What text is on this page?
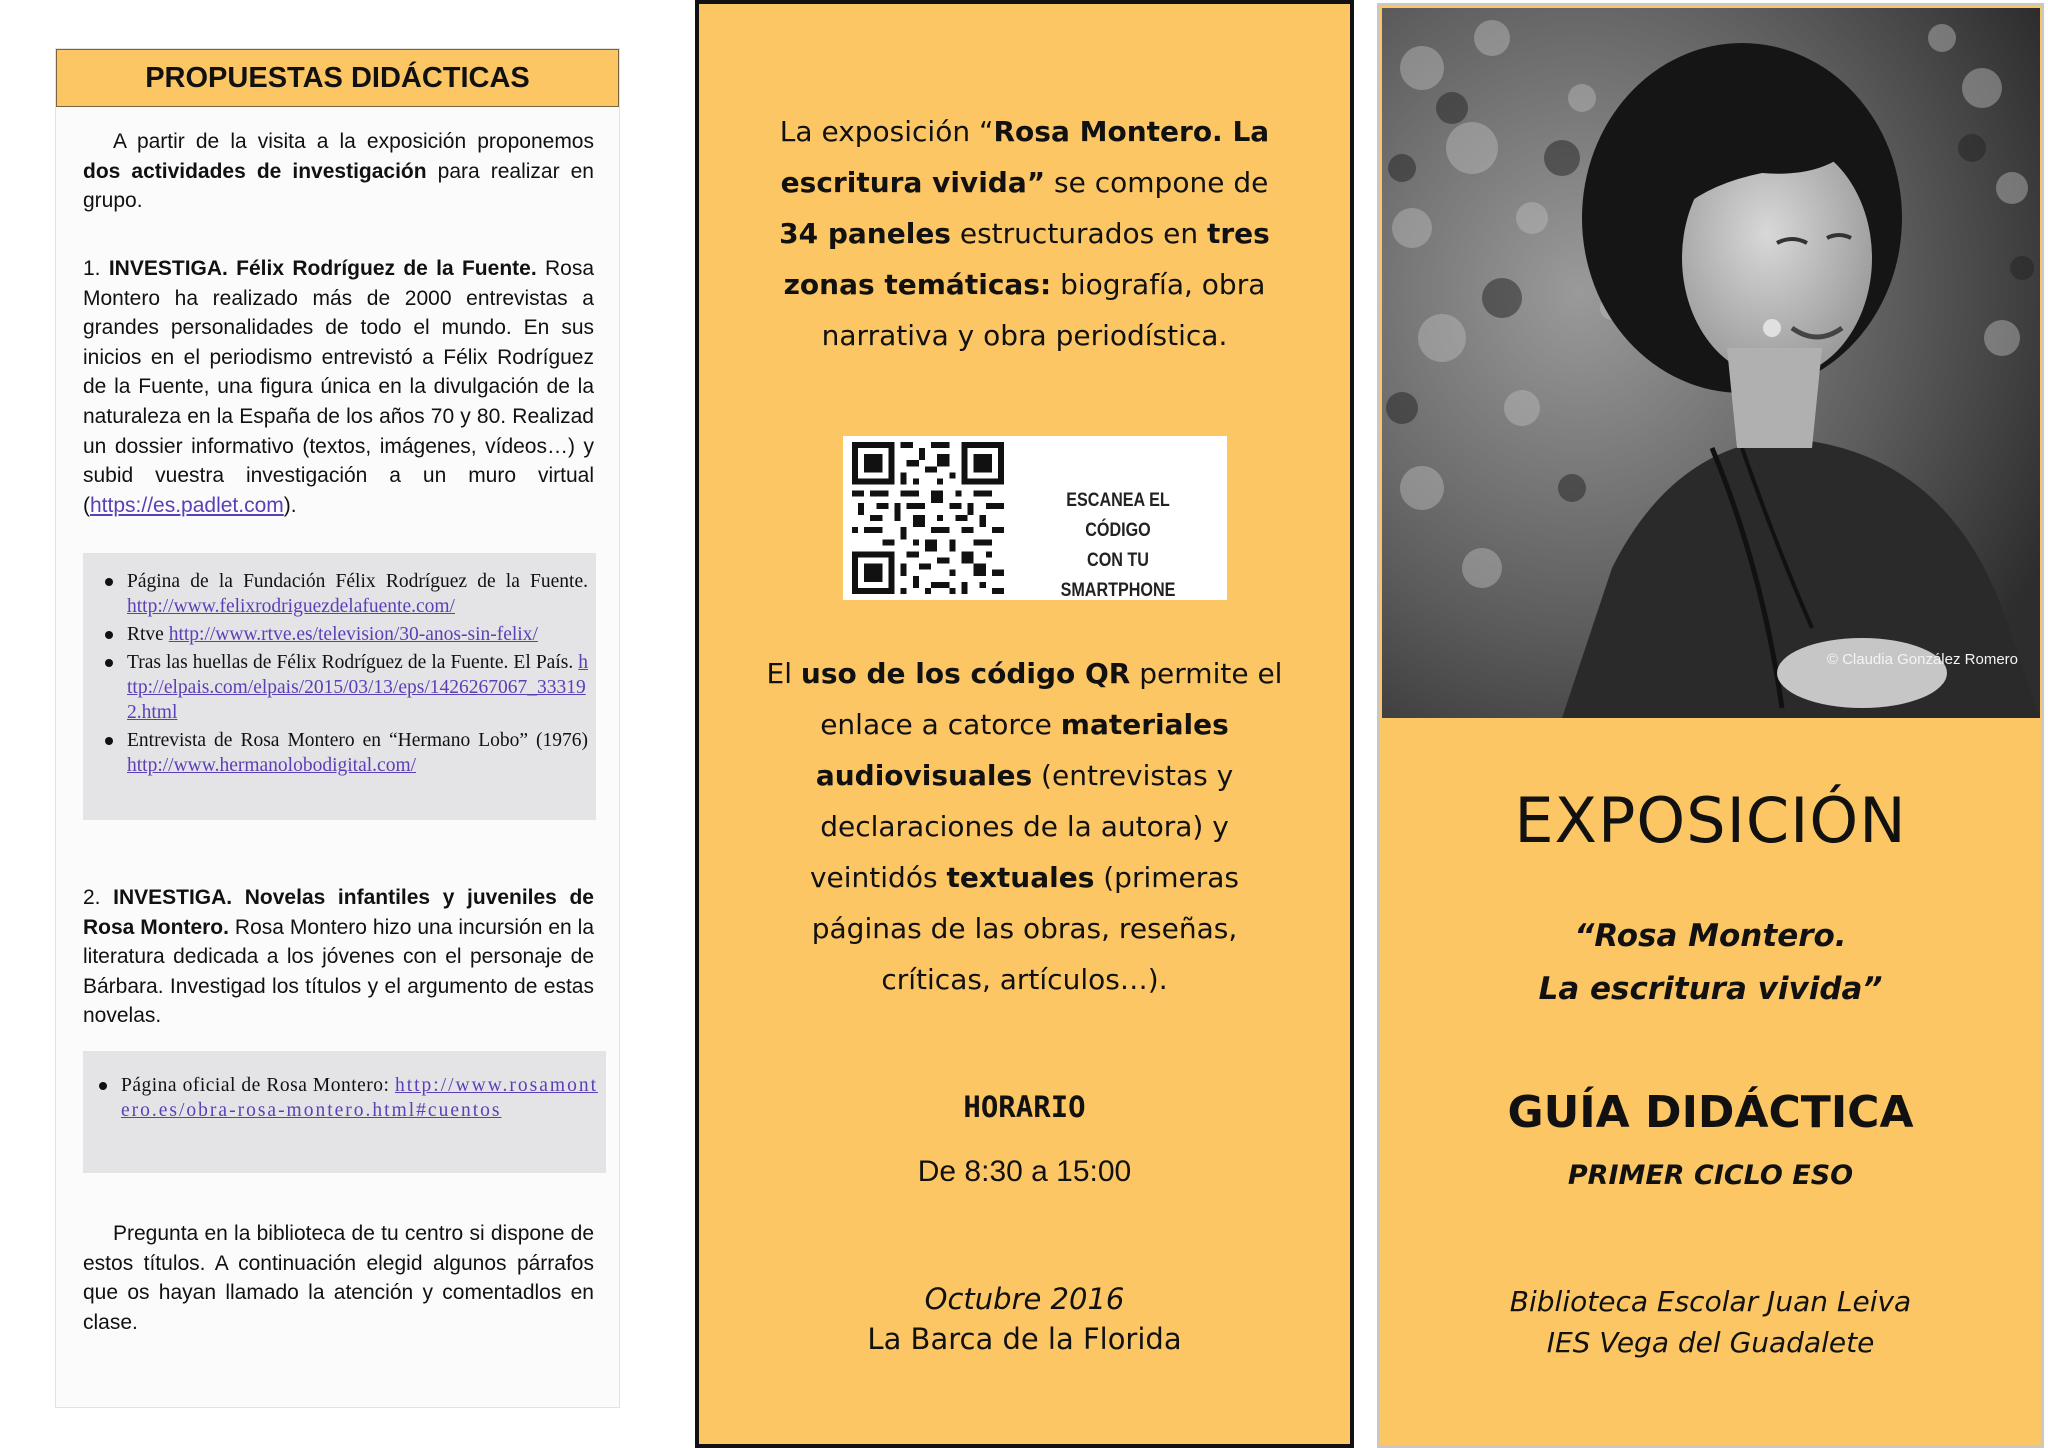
PROPUESTAS DIDÁCTICAS
A partir de la visita a la exposición proponemos dos actividades de investigación para realizar en grupo.
1. INVESTIGA. Félix Rodríguez de la Fuente. Rosa Montero ha realizado más de 2000 entrevistas a grandes personalidades de todo el mundo. En sus inicios en el periodismo entrevistó a Félix Rodríguez de la Fuente, una figura única en la divulgación de la naturaleza en la España de los años 70 y 80. Realizad un dossier informativo (textos, imágenes, vídeos…) y subid vuestra investigación a un muro virtual (https://es.padlet.com).
Página de la Fundación Félix Rodríguez de la Fuente. http://www.felixrodriguezdelafuente.com/
Rtve http://www.rtve.es/television/30-anos-sin-felix/
Tras las huellas de Félix Rodríguez de la Fuente. El País. http://elpais.com/elpais/2015/03/13/eps/1426267067_333192.html
Entrevista de Rosa Montero en “Hermano Lobo” (1976) http://www.hermanolobodigital.com/
2. INVESTIGA. Novelas infantiles y juveniles de Rosa Montero. Rosa Montero hizo una incursión en la literatura dedicada a los jóvenes con el personaje de Bárbara. Investigad los títulos y el argumento de estas novelas.
Página oficial de Rosa Montero: http://www.rosamontero.es/obra-rosa-montero.html#cuentos
Pregunta en la biblioteca de tu centro si dispone de estos títulos. A continuación elegid algunos párrafos que os hayan llamado la atención y comentadlos en clase.
La exposición “Rosa Montero. La escritura vivida” se compone de 34 paneles estructurados en tres zonas temáticas: biografía, obra narrativa y obra periodística.
ESCANEA EL CÓDIGO
CON TU SMARTPHONE
El uso de los código QR permite el enlace a catorce materiales audiovisuales (entrevistas y declaraciones de la autora) y veintidós textuales (primeras páginas de las obras, reseñas, críticas, artículos…).
HORARIO
De 8:30 a 15:00
Octubre 2016
La Barca de la Florida
© Claudia González Romero
EXPOSICIÓN
“Rosa Montero.
La escritura vivida”
GUÍA DIDÁCTICA
PRIMER CICLO ESO
Biblioteca Escolar Juan Leiva
IES Vega del Guadalete
